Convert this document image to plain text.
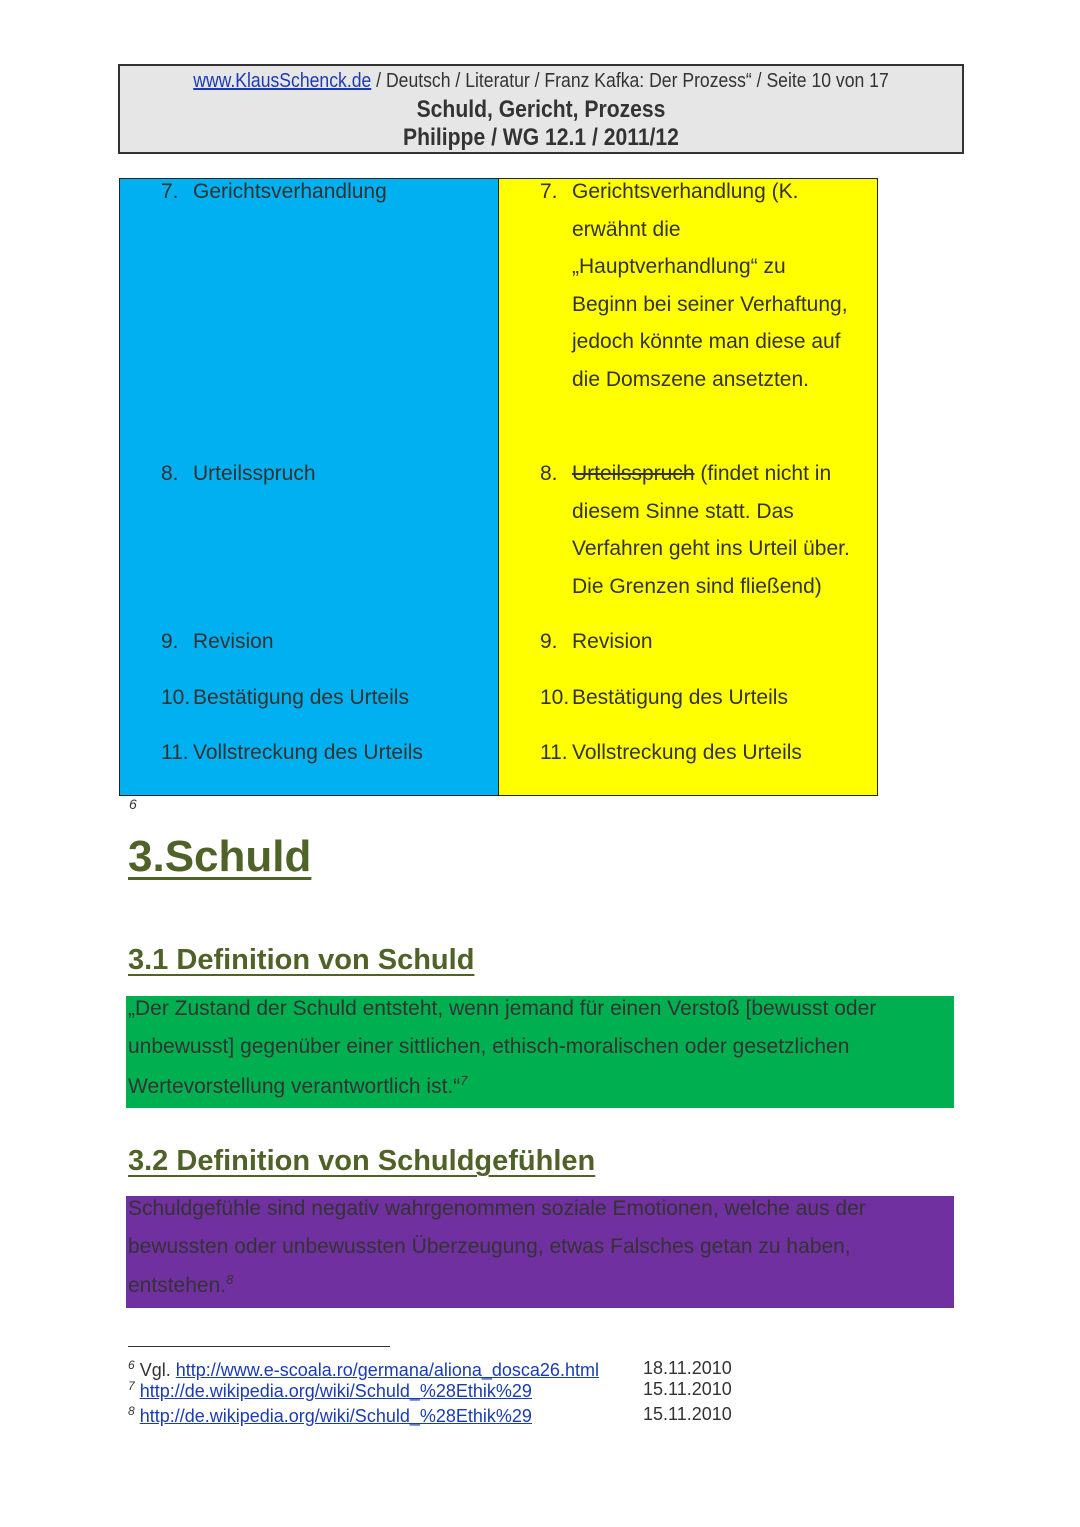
www.KlausSchenck.de / Deutsch / Literatur / Franz Kafka: Der Prozess“ / Seite 10 von 17
Schuld, Gericht, Prozess
Philippe / WG 12.1 / 2011/12
7. Gerichtsverhandlung
8. Urteilsspruch
9. Revision
10. Bestätigung des Urteils
11. Vollstreckung des Urteils
7. Gerichtsverhandlung (K.
erwähnt die
„Hauptverhandlung“ zu
Beginn bei seiner Verhaftung,
jedoch könnte man diese auf
die Domszene ansetzten.
8. Urteilsspruch (findet nicht in
diesem Sinne statt. Das
Verfahren geht ins Urteil über.
Die Grenzen sind fließend)
9. Revision
10. Bestätigung des Urteils
11. Vollstreckung des Urteils
6
3.Schuld
3.1 Definition von Schuld
„Der Zustand der Schuld entsteht, wenn jemand für einen Verstoß [bewusst oder
unbewusst] gegenüber einer sittlichen, ethisch-moralischen oder gesetzlichen
Wertevorstellung verantwortlich ist.“$^7$
3.2 Definition von Schuldgefühlen
Schuldgefühle sind negativ wahrgenommen soziale Emotionen, welche aus der
bewussten oder unbewussten Überzeugung, etwas Falsches getan zu haben,
entstehen.$^8$
$^6$ Vgl. http://www.e-scoala.ro/germana/aliona_dosca26.html 18.11.2010
$^7$ http://de.wikipedia.org/wiki/Schuld_%28Ethik%29	15.11.2010
$^8$ http://de.wikipedia.org/wiki/Schuld_%28Ethik%29	15.11.2010
